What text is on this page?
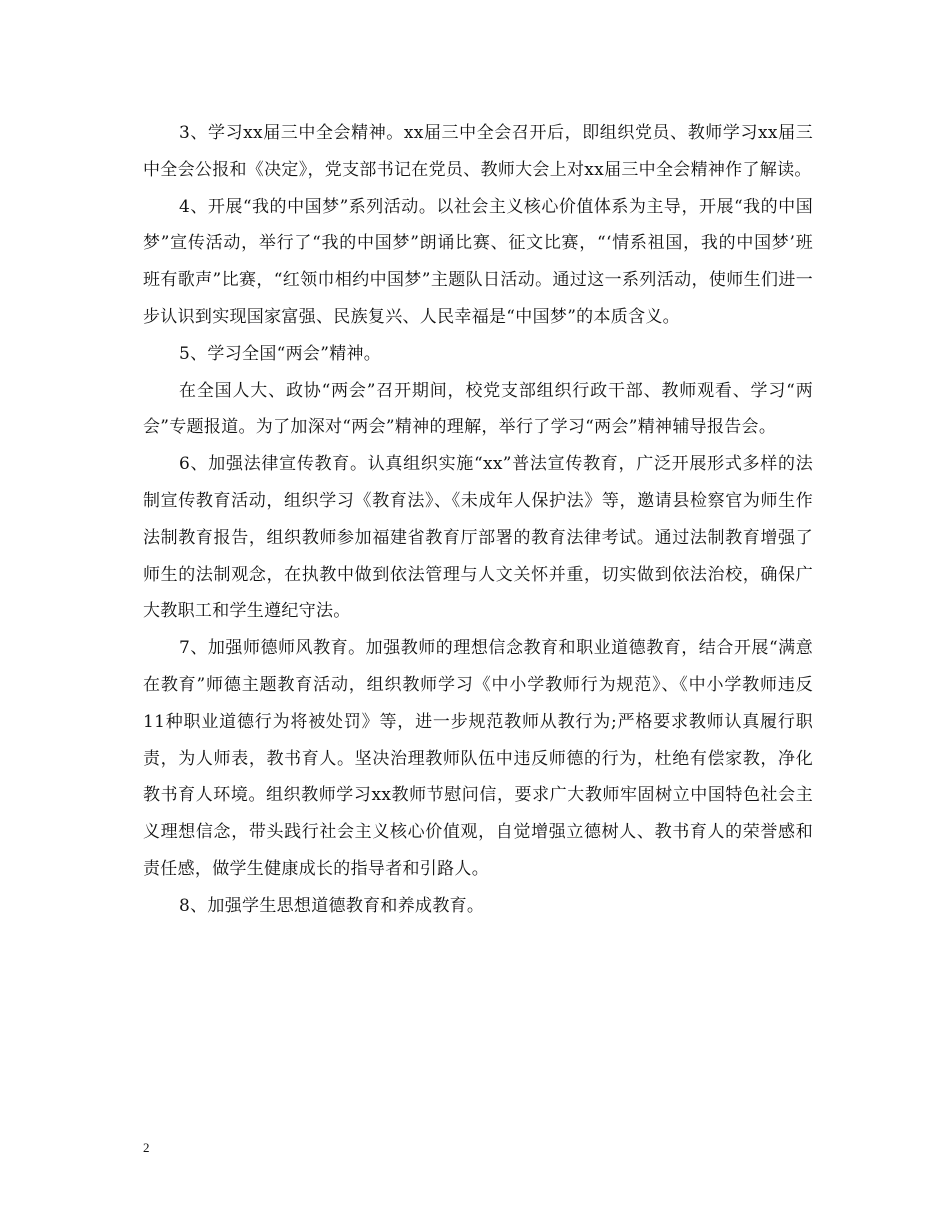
3、学习xx届三中全会精神。xx届三中全会召开后，即组织党员、教师学习xx届三中全会公报和《决定》，党支部书记在党员、教师大会上对xx届三中全会精神作了解读。

4、开展“我的中国梦”系列活动。以社会主义核心价值体系为主导，开展“我的中国梦”宣传活动，举行了“我的中国梦”朗诵比赛、征文比赛，“‘情系祖国，我的中国梦’班班有歌声”比赛，“红领巾相约中国梦”主题队日活动。通过这一系列活动，使师生们进一步认识到实现国家富强、民族复兴、人民幸福是“中国梦”的本质含义。

5、学习全国“两会”精神。

在全国人大、政协“两会”召开期间，校党支部组织行政干部、教师观看、学习“两会”专题报道。为了加深对“两会”精神的理解，举行了学习“两会”精神辅导报告会。

6、加强法律宣传教育。认真组织实施“xx”普法宣传教育，广泛开展形式多样的法制宣传教育活动，组织学习《教育法》、《未成年人保护法》等，邀请县检察官为师生作法制教育报告，组织教师参加福建省教育厅部署的教育法律考试。通过法制教育增强了师生的法制观念，在执教中做到依法管理与人文关怀并重，切实做到依法治校，确保广大教职工和学生遵纪守法。

7、加强师德师风教育。加强教师的理想信念教育和职业道德教育，结合开展“满意在教育”师德主题教育活动，组织教师学习《中小学教师行为规范》、《中小学教师违反11种职业道德行为将被处罚》等，进一步规范教师从教行为;严格要求教师认真履行职责，为人师表，教书育人。坚决治理教师队伍中违反师德的行为，杜绝有偿家教，净化教书育人环境。组织教师学习xx教师节慰问信，要求广大教师牢固树立中国特色社会主义理想信念，带头践行社会主义核心价值观，自觉增强立德树人、教书育人的荣誉感和责任感，做学生健康成长的指导者和引路人。

8、加强学生思想道德教育和养成教育。

2
